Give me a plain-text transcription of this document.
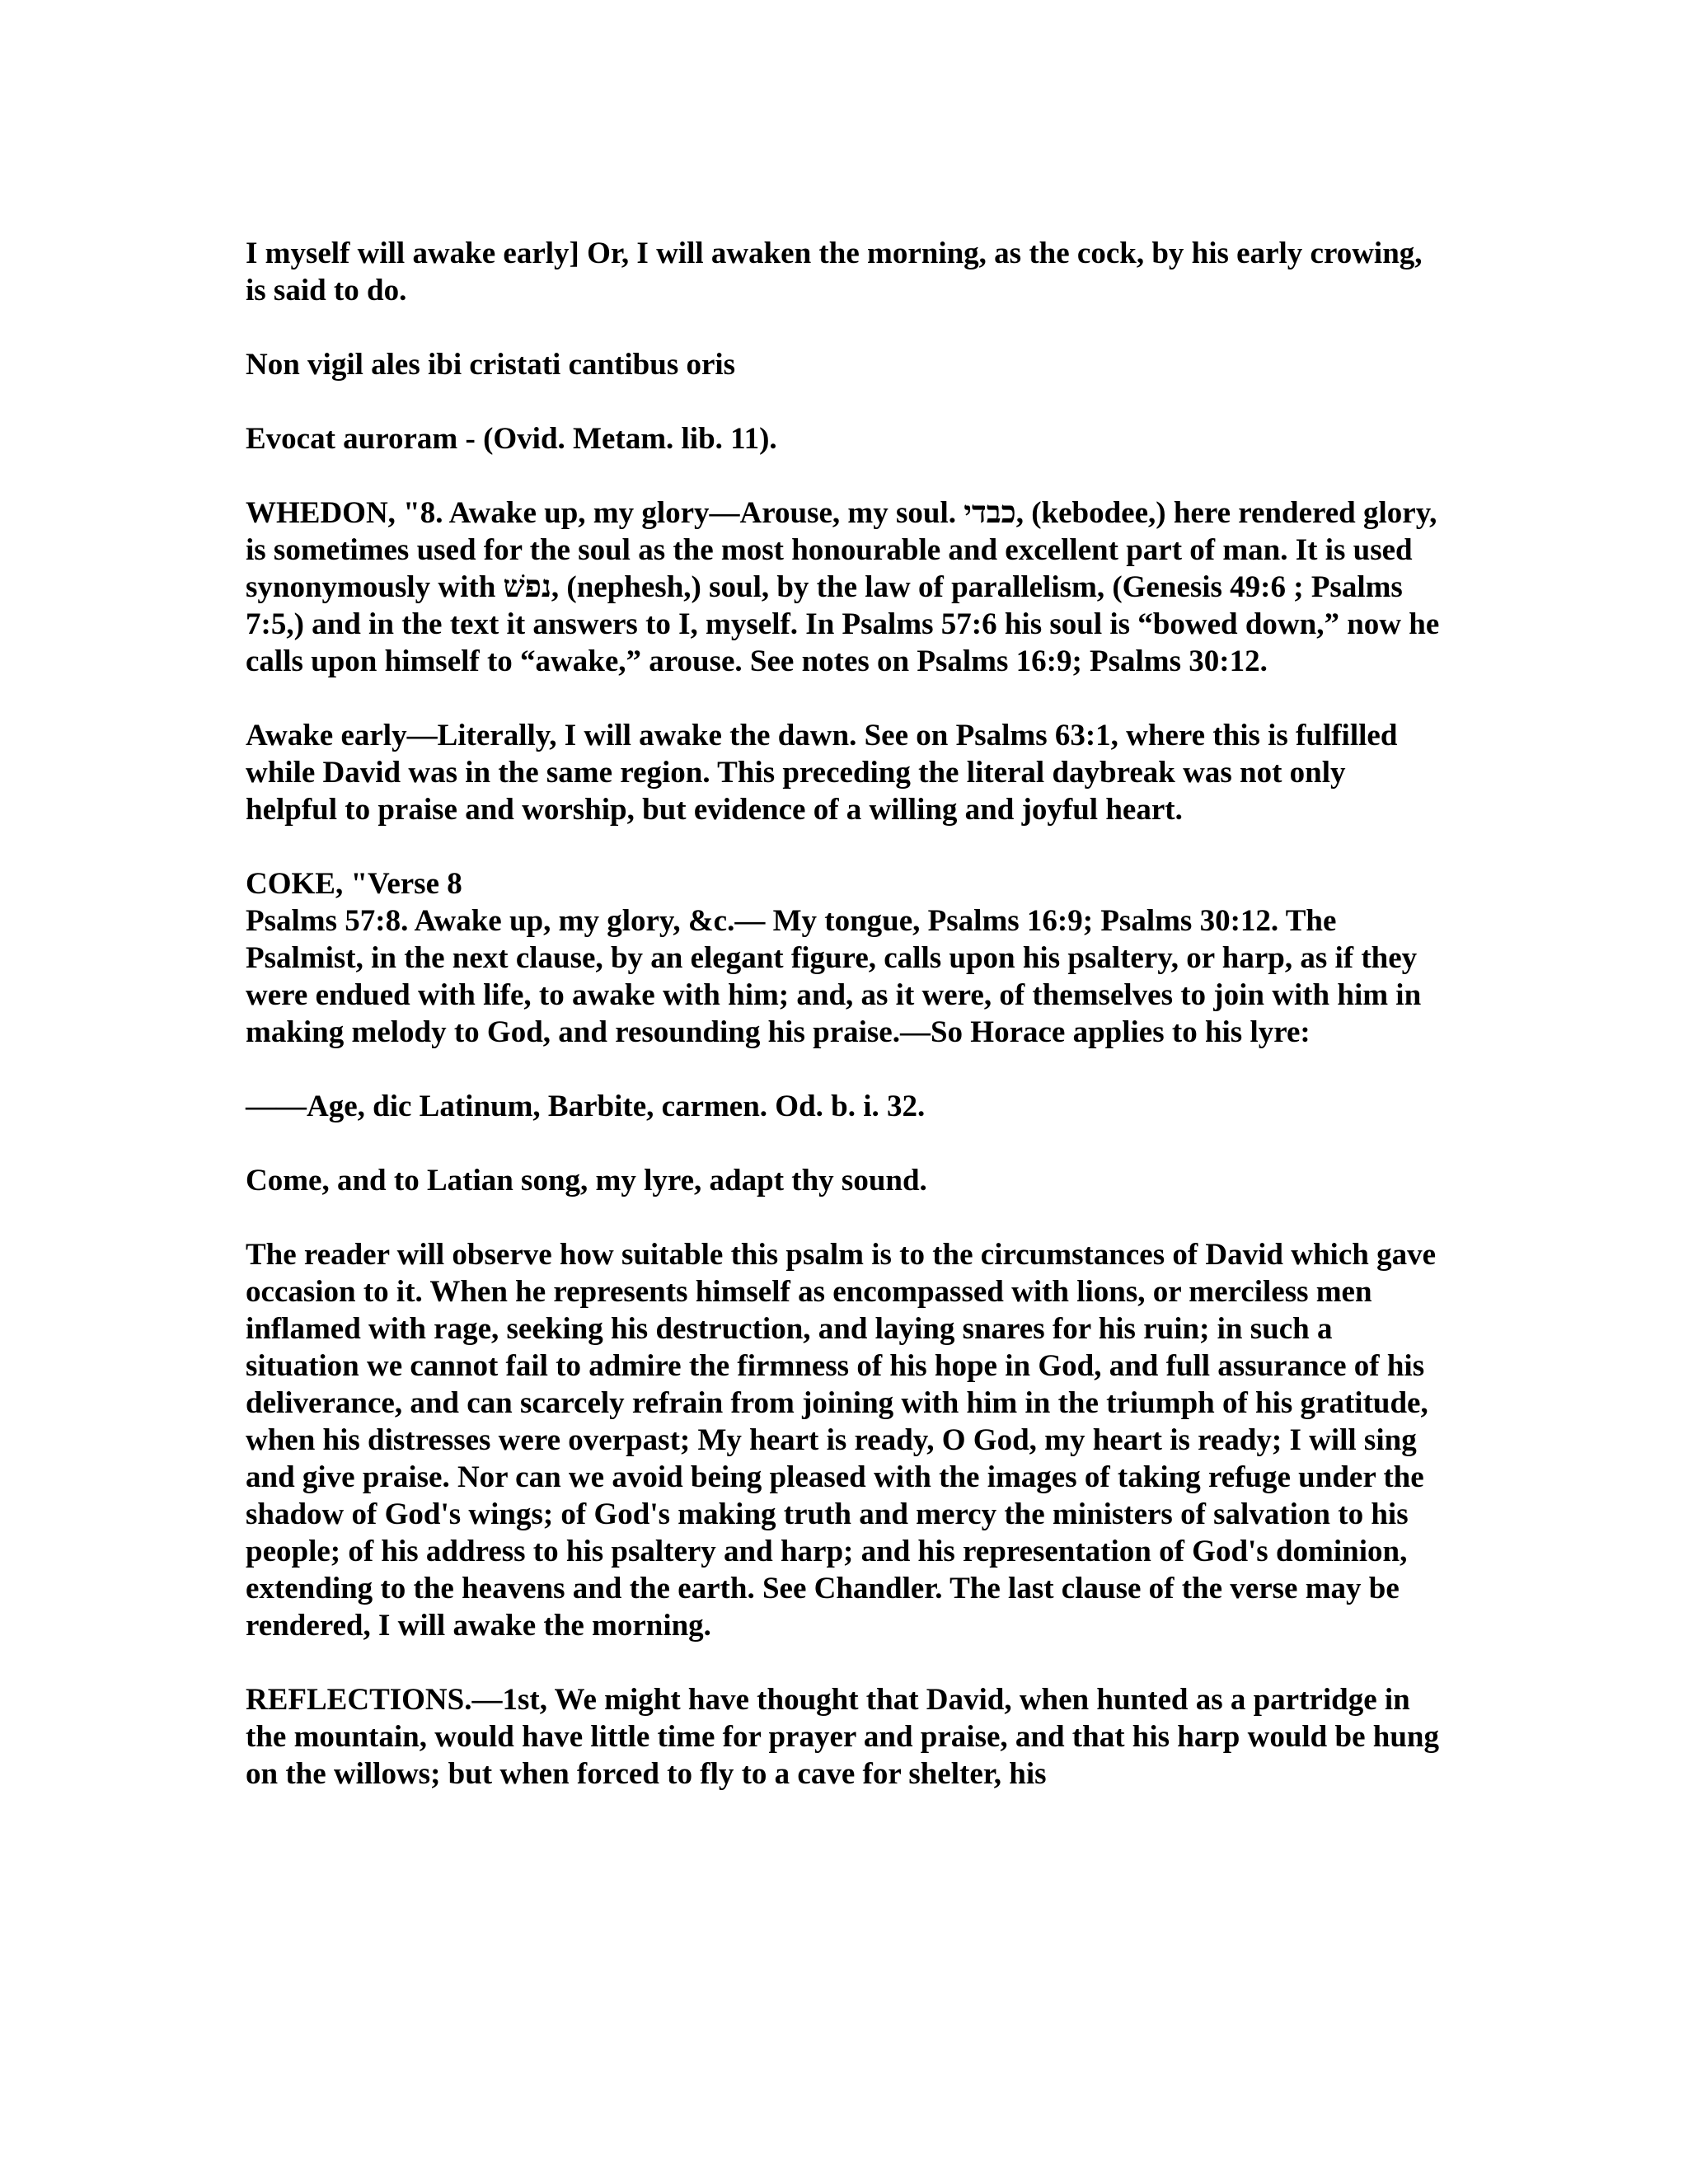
I myself will awake early] Or, I will awaken the morning, as the cock, by his early crowing, is said to do.

Non vigil ales ibi cristati cantibus oris

Evocat auroram - (Ovid. Metam. lib. 11).

WHEDON, "8. Awake up, my glory—Arouse, my soul. כבדי, (kebodee,) here rendered glory, is sometimes used for the soul as the most honourable and excellent part of man. It is used synonymously with נפשׁ, (nephesh,) soul, by the law of parallelism, (Genesis 49:6 ; Psalms 7:5,) and in the text it answers to I, myself. In Psalms 57:6 his soul is “bowed down,” now he calls upon himself to “awake,” arouse. See notes on Psalms 16:9; Psalms 30:12.

Awake early—Literally, I will awake the dawn. See on Psalms 63:1, where this is fulfilled while David was in the same region. This preceding the literal daybreak was not only helpful to praise and worship, but evidence of a willing and joyful heart.

COKE, "Verse 8

Psalms 57:8. Awake up, my glory, &c.— My tongue, Psalms 16:9; Psalms 30:12. The Psalmist, in the next clause, by an elegant figure, calls upon his psaltery, or harp, as if they were endued with life, to awake with him; and, as it were, of themselves to join with him in making melody to God, and resounding his praise.—So Horace applies to his lyre:

——Age, dic Latinum, Barbite, carmen. Od. b. i. 32.

Come, and to Latian song, my lyre, adapt thy sound.

The reader will observe how suitable this psalm is to the circumstances of David which gave occasion to it. When he represents himself as encompassed with lions, or merciless men inflamed with rage, seeking his destruction, and laying snares for his ruin; in such a situation we cannot fail to admire the firmness of his hope in God, and full assurance of his deliverance, and can scarcely refrain from joining with him in the triumph of his gratitude, when his distresses were overpast; My heart is ready, O God, my heart is ready; I will sing and give praise. Nor can we avoid being pleased with the images of taking refuge under the shadow of God's wings; of God's making truth and mercy the ministers of salvation to his people; of his address to his psaltery and harp; and his representation of God's dominion, extending to the heavens and the earth. See Chandler. The last clause of the verse may be rendered, I will awake the morning.

REFLECTIONS.—1st, We might have thought that David, when hunted as a partridge in the mountain, would have little time for prayer and praise, and that his harp would be hung on the willows; but when forced to fly to a cave for shelter, his
